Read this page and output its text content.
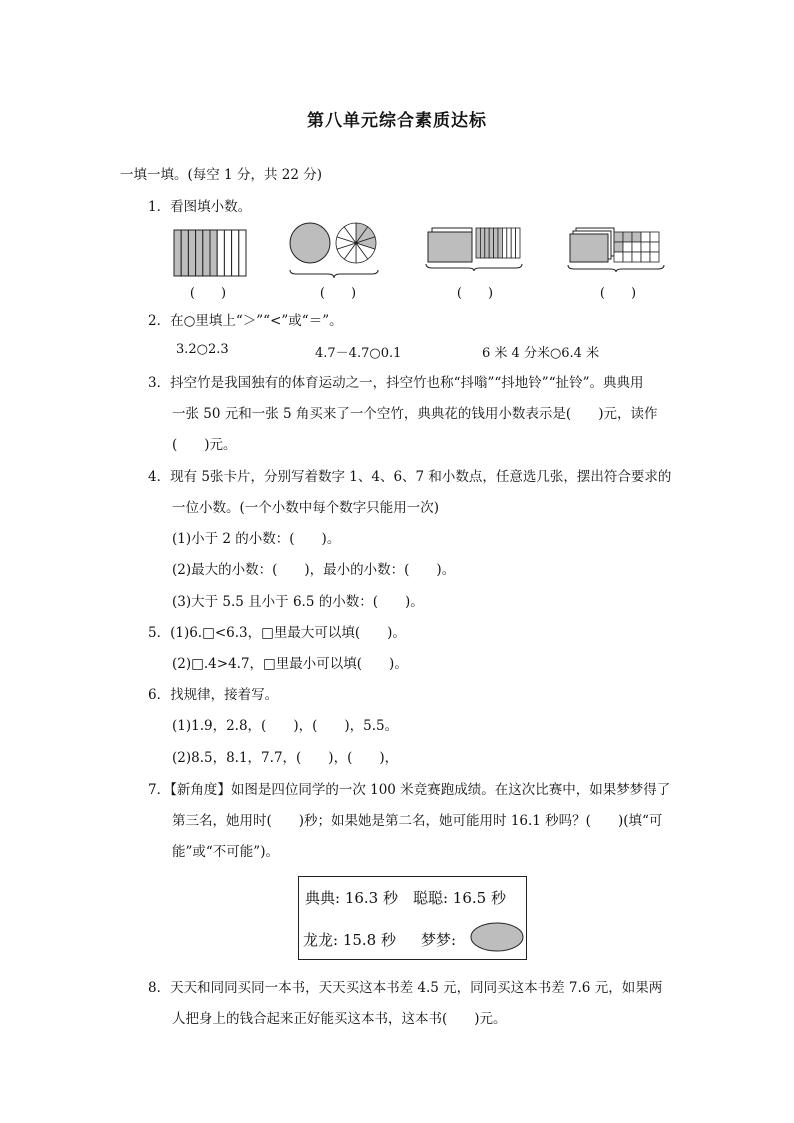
第八单元综合素质达标
一填一填。(每空 1 分，共 22 分)
1．看图填小数。
(　　)	(　　)	(　　)	(　　)
2．在○里填上“＞”“<”或“＝”。
3.2○2.3	4.7－4.7○0.1	6 米 4 分米○6.4 米
3．抖空竹是我国独有的体育运动之一，抖空竹也称“抖嗡”“抖地铃”“扯铃”。典典用
一张 50 元和一张 5 角买来了一个空竹，典典花的钱用小数表示是(　　)元，读作
(　　)元。
4．现有 5张卡片，分别写着数字 1、4、6、7 和小数点，任意选几张，摆出符合要求的
一位小数。(一个小数中每个数字只能用一次)
(1)小于 2 的小数：(　　)。
(2)最大的小数：(　　)，最小的小数：(　　)。
(3)大于 5.5 且小于 6.5 的小数：(　　)。
5．(1)6.□<6.3，□里最大可以填(　　)。
(2)□.4>4.7，□里最小可以填(　　)。
6．找规律，接着写。
(1)1.9，2.8，(　　)，(　　)，5.5。
(2)8.5，8.1，7.7，(　　)，(　　)，
7．【新角度】如图是四位同学的一次 100 米竞赛跑成绩。在这次比赛中，如果梦梦得了
第三名，她用时(　　)秒；如果她是第二名，她可能用时 16.1 秒吗？(　　)(填“可
能”或“不可能”)。
典典: 16.3 秒　聪聪: 16.5 秒
龙龙: 15.8 秒 梦梦:
8．天天和同同买同一本书，天天买这本书差 4.5 元，同同买这本书差 7.6 元，如果两
人把身上的钱合起来正好能买这本书，这本书(　　)元。
